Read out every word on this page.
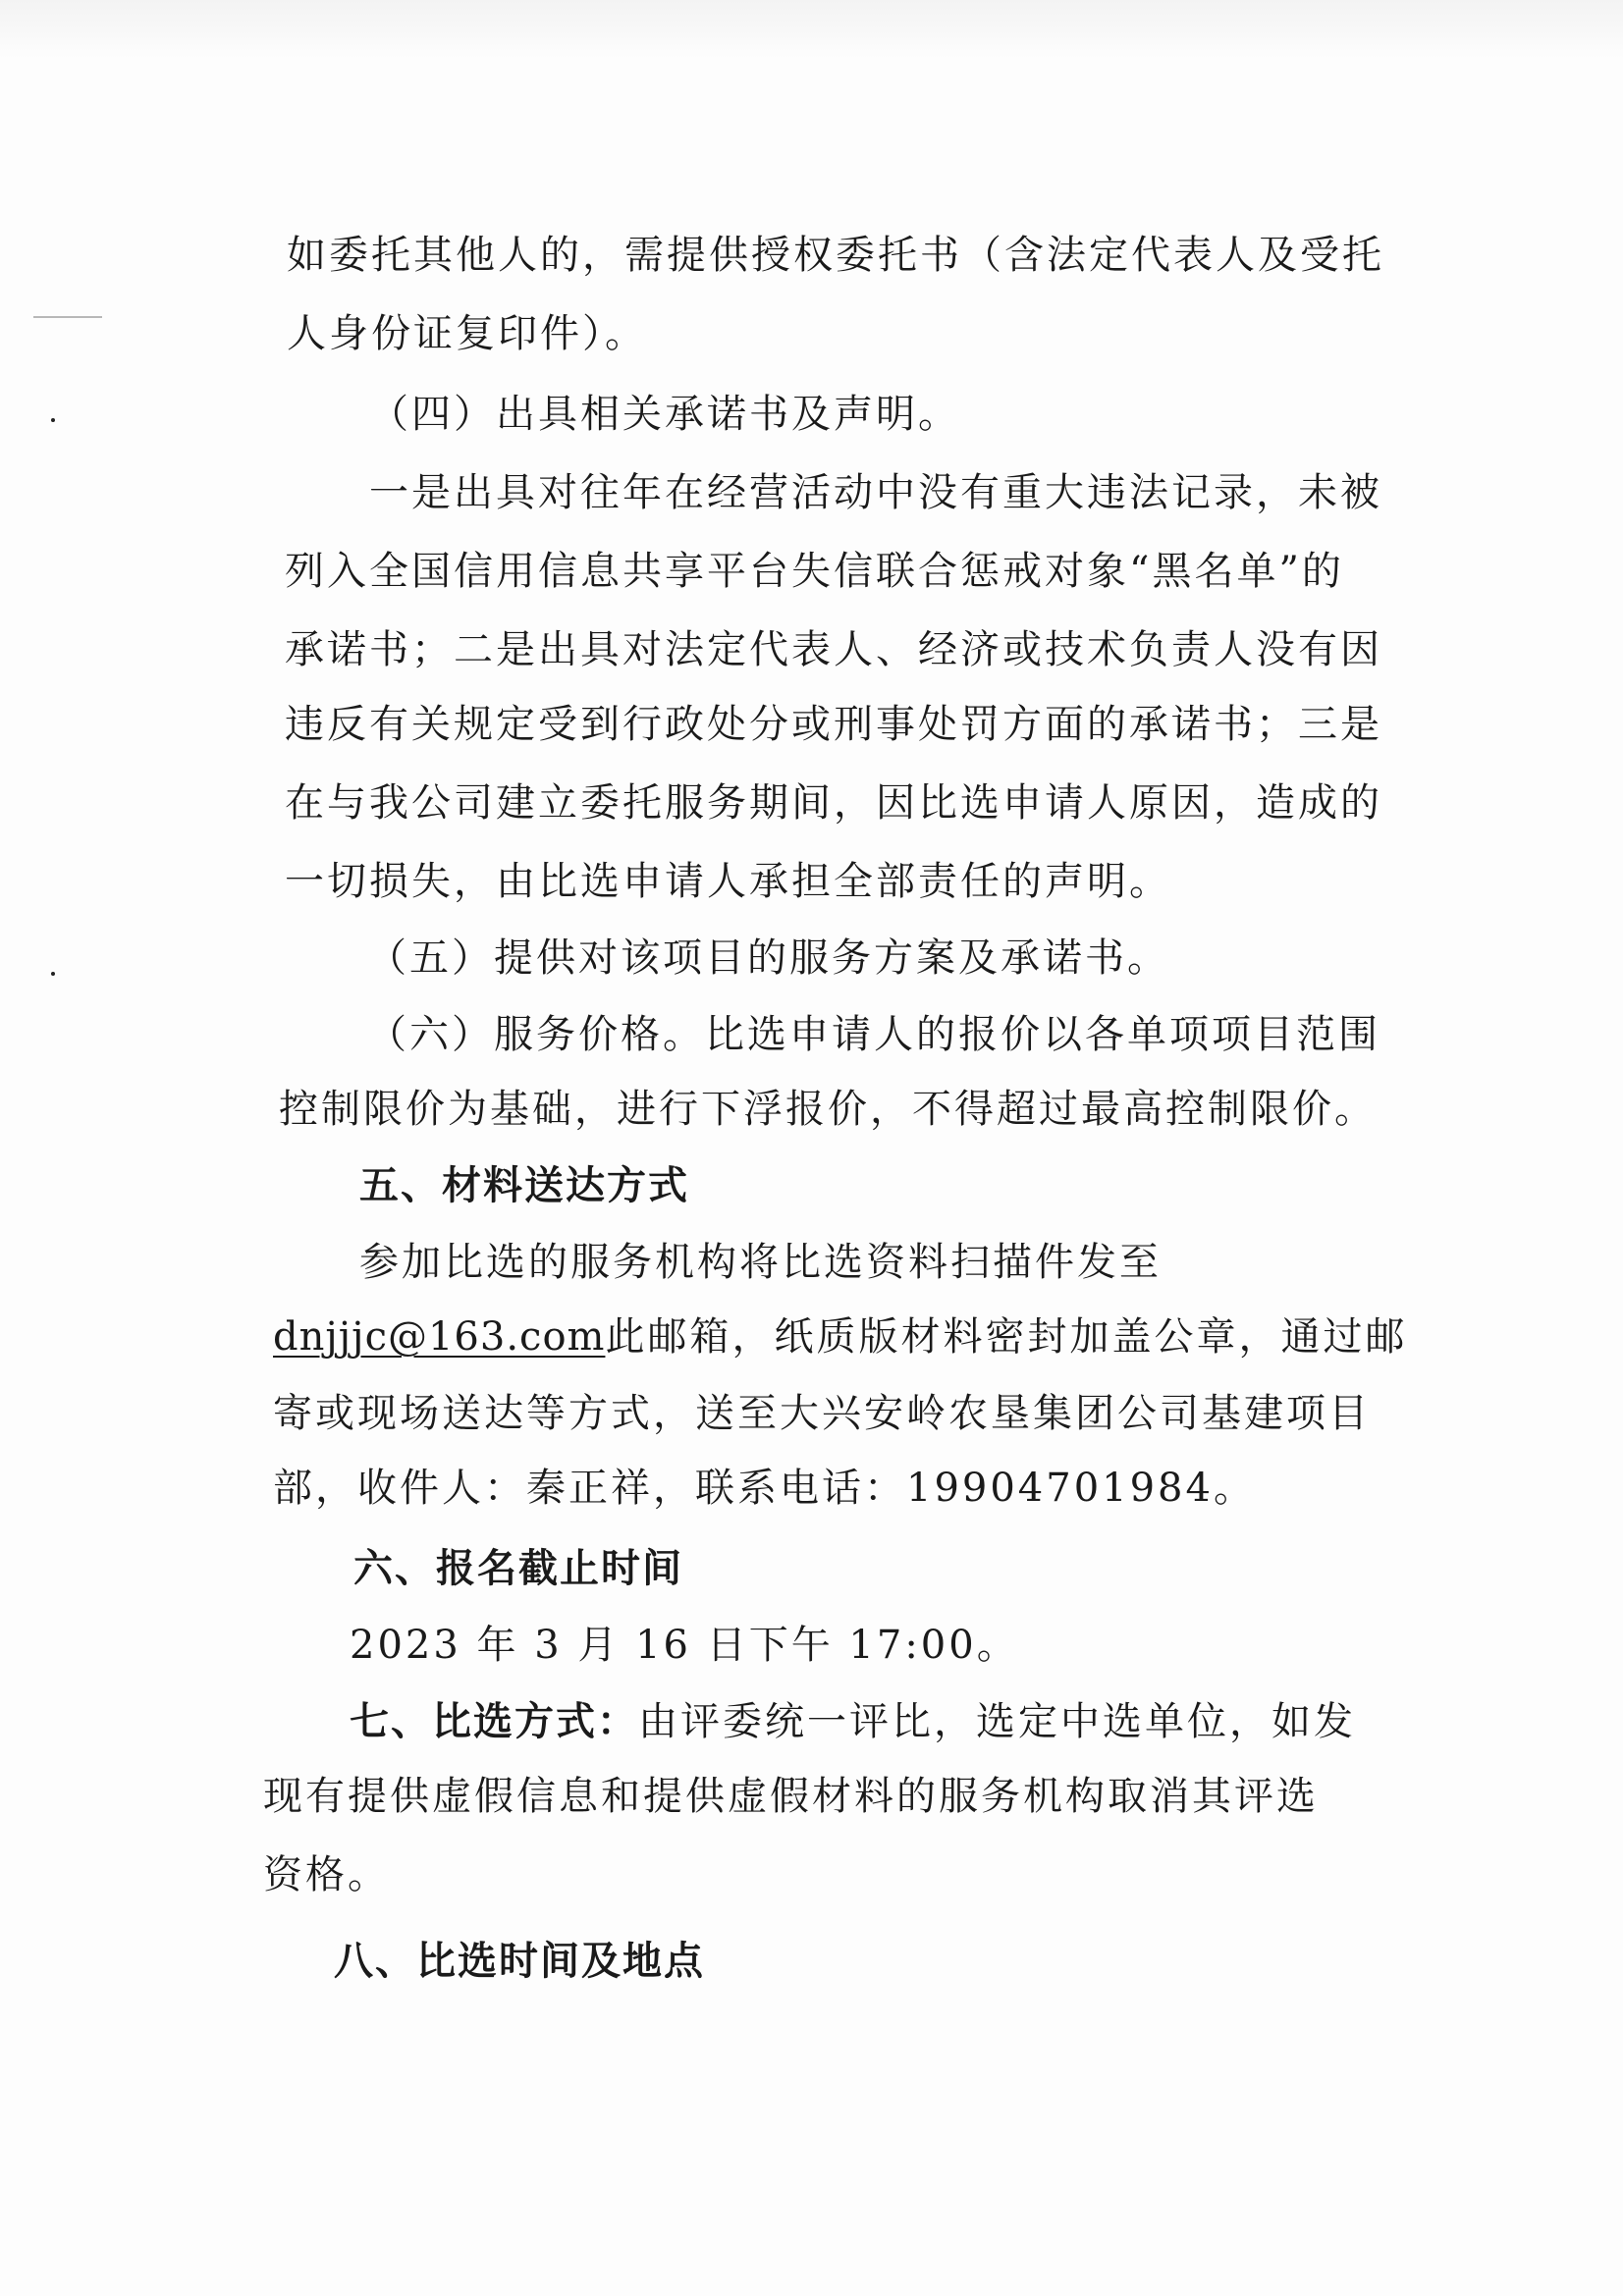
如委托其他人的，需提供授权委托书（含法定代表人及受托
人身份证复印件）。
（四）出具相关承诺书及声明。
一是出具对往年在经营活动中没有重大违法记录，未被
列入全国信用信息共享平台失信联合惩戒对象“黑名单”的
承诺书；二是出具对法定代表人、经济或技术负责人没有因
违反有关规定受到行政处分或刑事处罚方面的承诺书；三是
在与我公司建立委托服务期间，因比选申请人原因，造成的
一切损失，由比选申请人承担全部责任的声明。
（五）提供对该项目的服务方案及承诺书。
（六）服务价格。比选申请人的报价以各单项项目范围
控制限价为基础，进行下浮报价，不得超过最高控制限价。
五、材料送达方式
参加比选的服务机构将比选资料扫描件发至
dnjjjc@163.com此邮箱，纸质版材料密封加盖公章，通过邮
寄或现场送达等方式，送至大兴安岭农垦集团公司基建项目
部，收件人：秦正祥，联系电话：19904701984。
六、报名截止时间
2023 年 3 月 16 日下午 17:00。
七、比选方式：由评委统一评比，选定中选单位，如发
现有提供虚假信息和提供虚假材料的服务机构取消其评选
资格。
八、比选时间及地点
